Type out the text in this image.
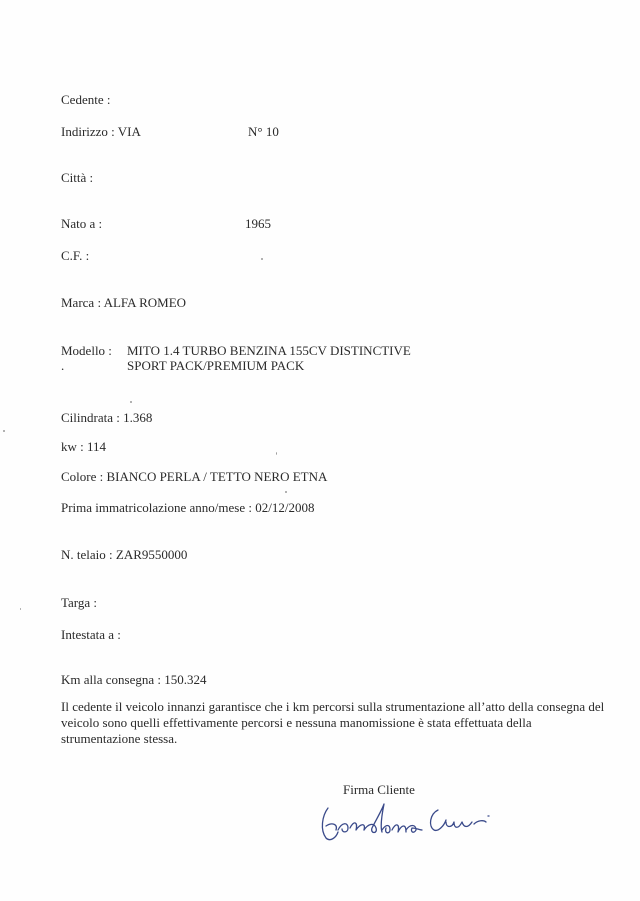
Cedente :
Indirizzo : VIA	N° 10
Città :
Nato a :	1965
C.F. :
Marca : ALFA ROMEO
Modello : MITO 1.4 TURBO BENZINA 155CV DISTINCTIVE
.	SPORT PACK/PREMIUM PACK
Cilindrata : 1.368
kw : 114
Colore : BIANCO PERLA / TETTO NERO ETNA
Prima immatricolazione anno/mese : 02/12/2008
N. telaio : ZAR9550000
Targa :
Intestata a :
Km alla consegna : 150.324
Il cedente il veicolo innanzi garantisce che i km percorsi sulla strumentazione all’atto della consegna del veicolo sono quelli effettivamente percorsi e nessuna manomissione è stata effettuata della strumentazione stessa.
Firma Cliente
